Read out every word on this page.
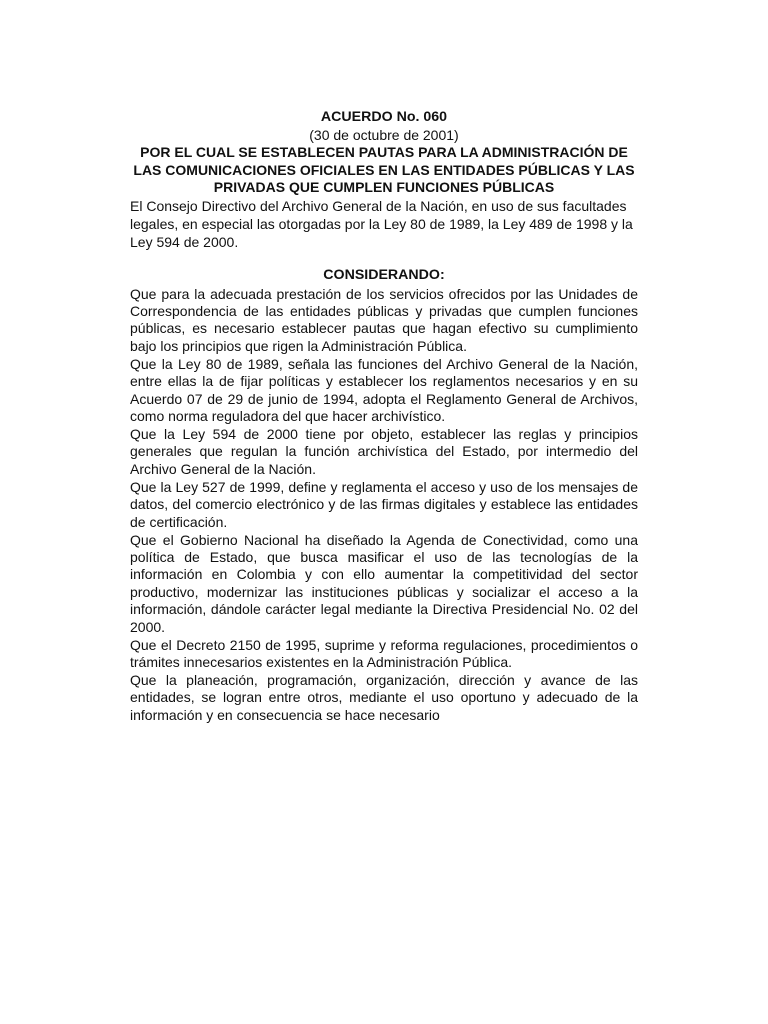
ACUERDO No. 060

(30 de octubre de 2001)

POR EL CUAL SE ESTABLECEN PAUTAS PARA LA ADMINISTRACIÓN DE LAS COMUNICACIONES OFICIALES EN LAS ENTIDADES PÚBLICAS Y LAS PRIVADAS QUE CUMPLEN FUNCIONES PÚBLICAS

El Consejo Directivo del Archivo General de la Nación, en uso de sus facultades legales, en especial las otorgadas por la Ley 80 de 1989, la Ley 489 de 1998 y la Ley 594 de 2000.

CONSIDERANDO:

Que para la adecuada prestación de los servicios ofrecidos por las Unidades de Correspondencia de las entidades públicas y privadas que cumplen funciones públicas, es necesario establecer pautas que hagan efectivo su cumplimiento bajo los principios que rigen la Administración Pública.

Que la Ley 80 de 1989, señala las funciones del Archivo General de la Nación, entre ellas la de fijar políticas y establecer los reglamentos necesarios y en su Acuerdo 07 de 29 de junio de 1994, adopta el Reglamento General de Archivos, como norma reguladora del que hacer archivístico.

Que la Ley 594 de 2000 tiene por objeto, establecer las reglas y principios generales que regulan la función archivística del Estado, por intermedio del Archivo General de la Nación.

Que la Ley 527 de 1999, define y reglamenta el acceso y uso de los mensajes de datos, del comercio electrónico y de las firmas digitales y establece las entidades de certificación.

Que el Gobierno Nacional ha diseñado la Agenda de Conectividad, como una política de Estado, que busca masificar el uso de las tecnologías de la información en Colombia y con ello aumentar la competitividad del sector productivo, modernizar las instituciones públicas y socializar el acceso a la información, dándole carácter legal mediante la Directiva Presidencial No. 02 del 2000.

Que el Decreto 2150 de 1995, suprime y reforma regulaciones, procedimientos o trámites innecesarios existentes en la Administración Pública.

Que la planeación, programación, organización, dirección y avance de las entidades, se logran entre otros, mediante el uso oportuno y adecuado de la información y en consecuencia se hace necesario
